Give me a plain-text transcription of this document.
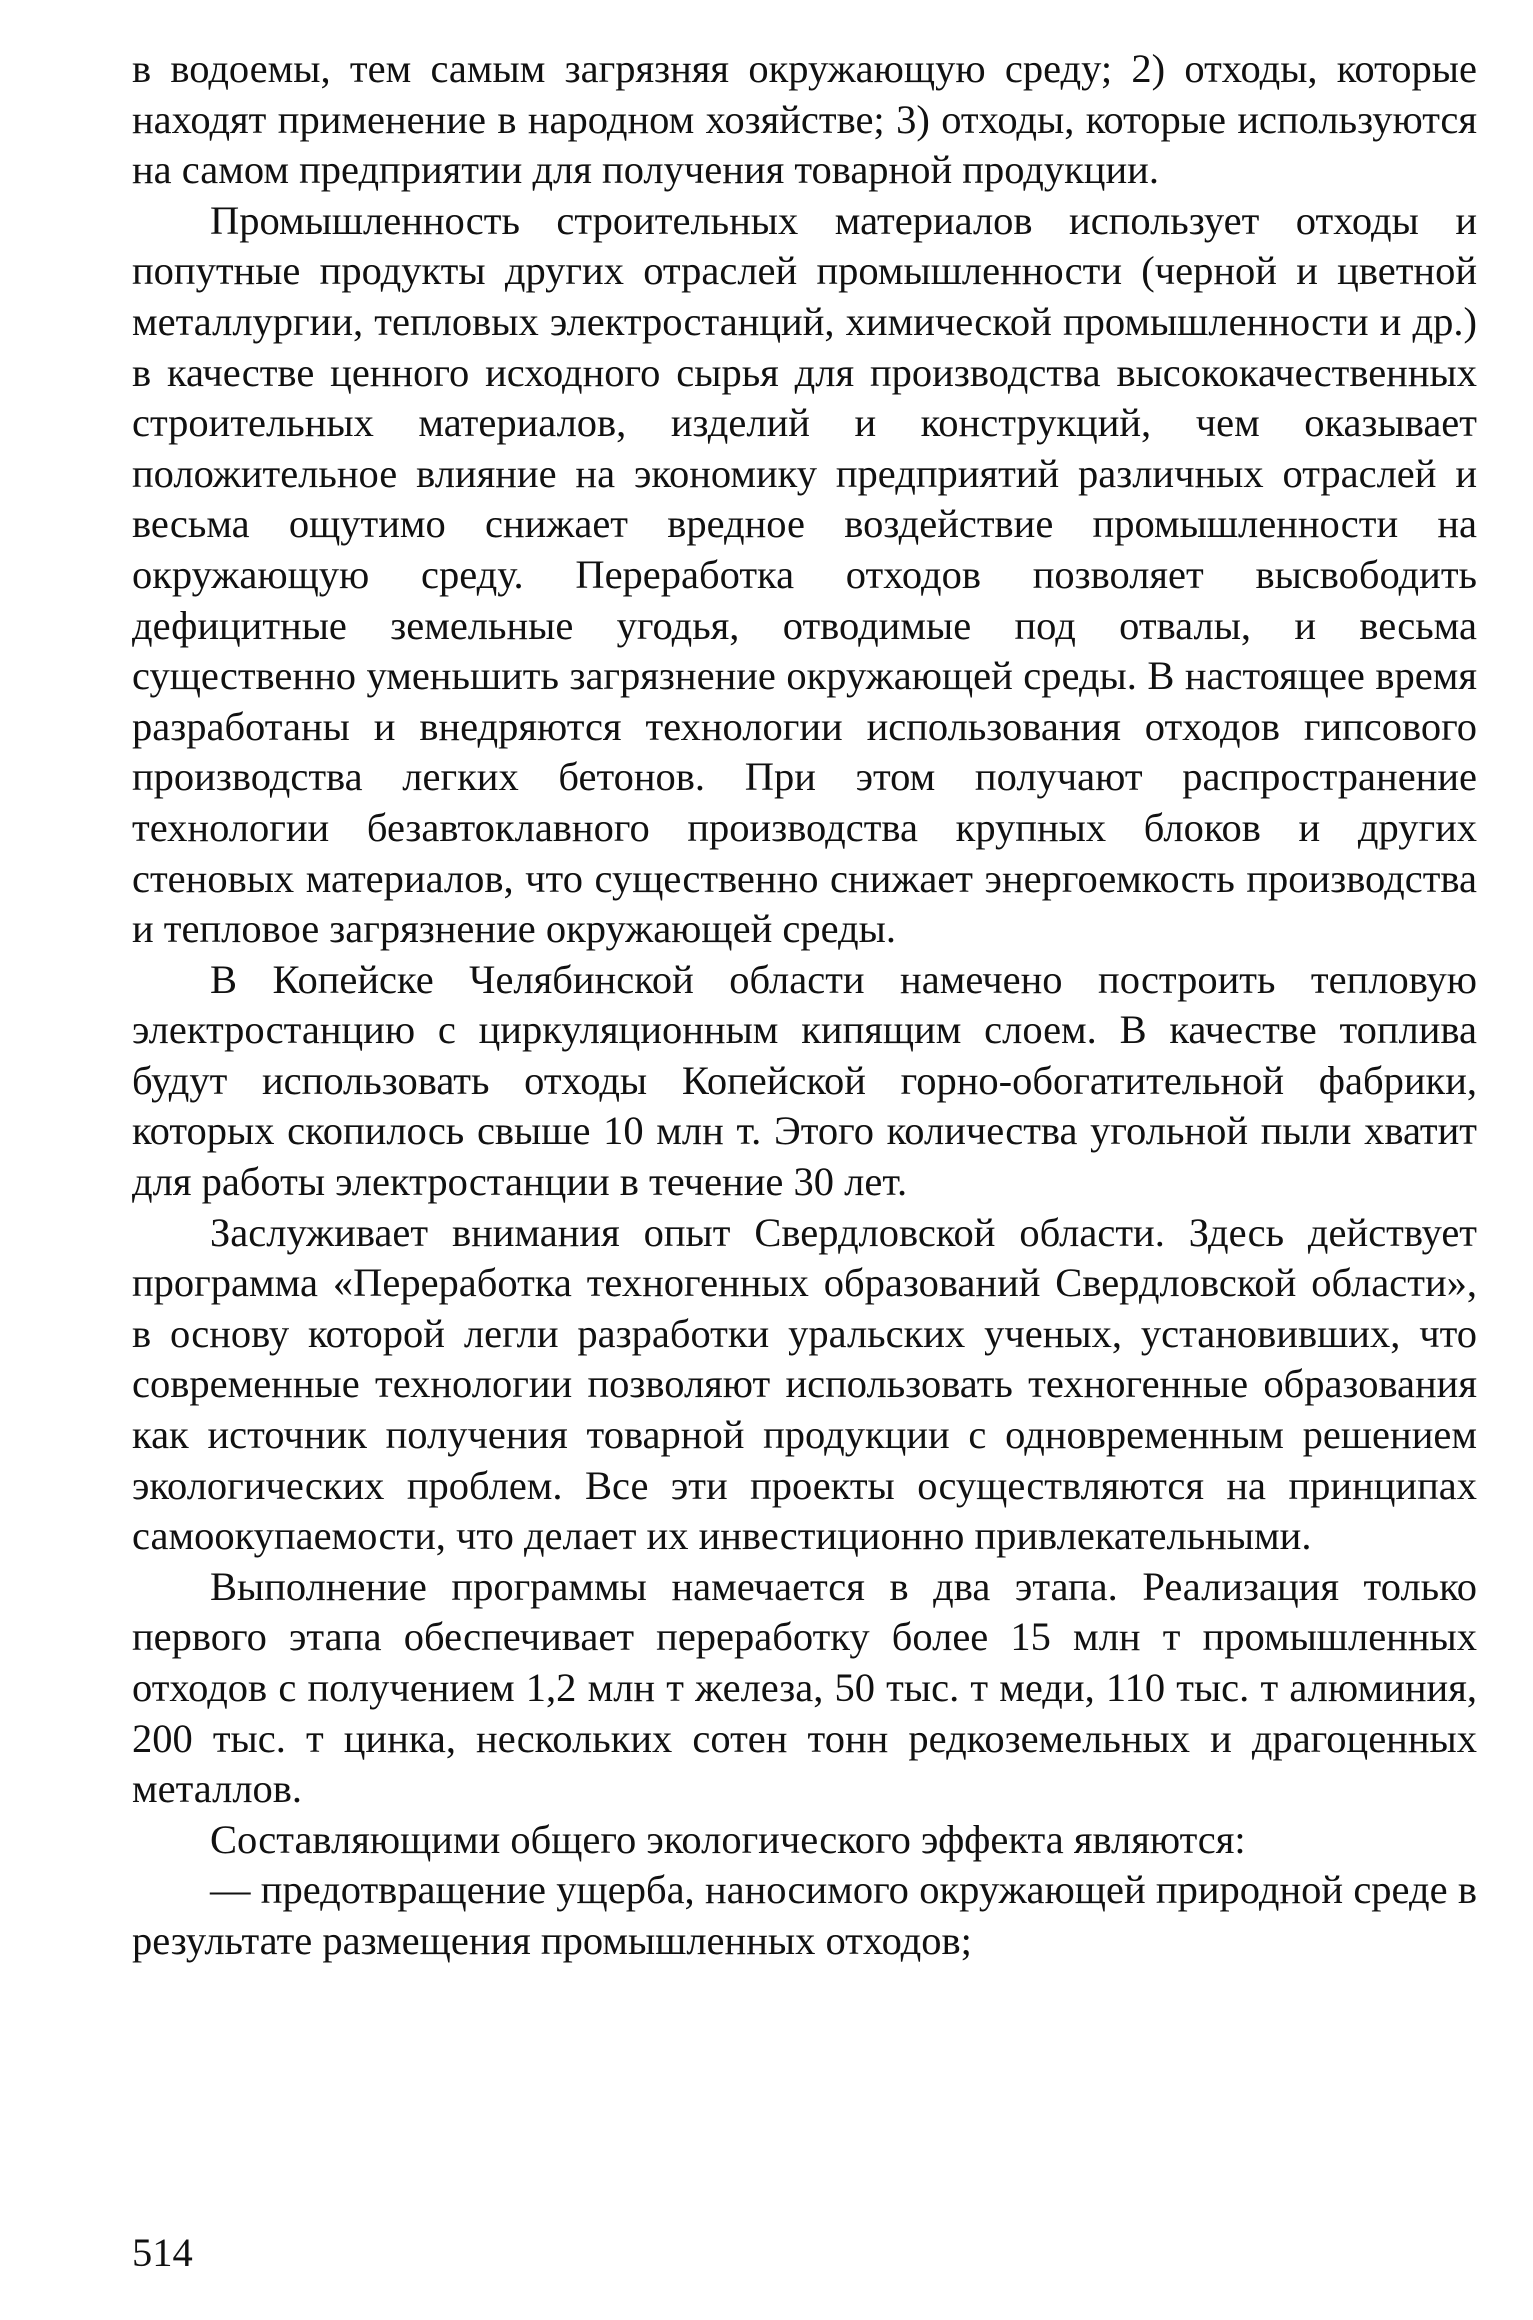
в водоемы, тем самым загрязняя окружающую среду; 2) отходы, которые находят применение в народном хозяйстве; 3) отходы, которые используются на самом предприятии для получения товарной продукции.

Промышленность строительных материалов использует отходы и попутные продукты других отраслей промышленности (черной и цветной металлургии, тепловых электростанций, химической промышленности и др.) в качестве ценного исходного сырья для производства высококачественных строительных материалов, изделий и конструкций, чем оказывает положительное влияние на экономику предприятий различных отраслей и весьма ощутимо снижает вредное воздействие промышленности на окружающую среду. Переработка отходов позволяет высвободить дефицитные земельные угодья, отводимые под отвалы, и весьма существенно уменьшить загрязнение окружающей среды. В настоящее время разработаны и внедряются технологии использования отходов гипсового производства легких бетонов. При этом получают распространение технологии безавтоклавного производства крупных блоков и других стеновых материалов, что существенно снижает энергоемкость производства и тепловое загрязнение окружающей среды.

В Копейске Челябинской области намечено построить тепловую электростанцию с циркуляционным кипящим слоем. В качестве топлива будут использовать отходы Копейской горно-обогатительной фабрики, которых скопилось свыше 10 млн т. Этого количества угольной пыли хватит для работы электростанции в течение 30 лет.

Заслуживает внимания опыт Свердловской области. Здесь действует программа «Переработка техногенных образований Свердловской области», в основу которой легли разработки уральских ученых, установивших, что современные технологии позволяют использовать техногенные образования как источник получения товарной продукции с одновременным решением экологических проблем. Все эти проекты осуществляются на принципах самоокупаемости, что делает их инвестиционно привлекательными.

Выполнение программы намечается в два этапа. Реализация только первого этапа обеспечивает переработку более 15 млн т промышленных отходов с получением 1,2 млн т железа, 50 тыс. т меди, 110 тыс. т алюминия, 200 тыс. т цинка, нескольких сотен тонн редкоземельных и драгоценных металлов.

Составляющими общего экологического эффекта являются:

— предотвращение ущерба, наносимого окружающей природной среде в результате размещения промышленных отходов;

514
